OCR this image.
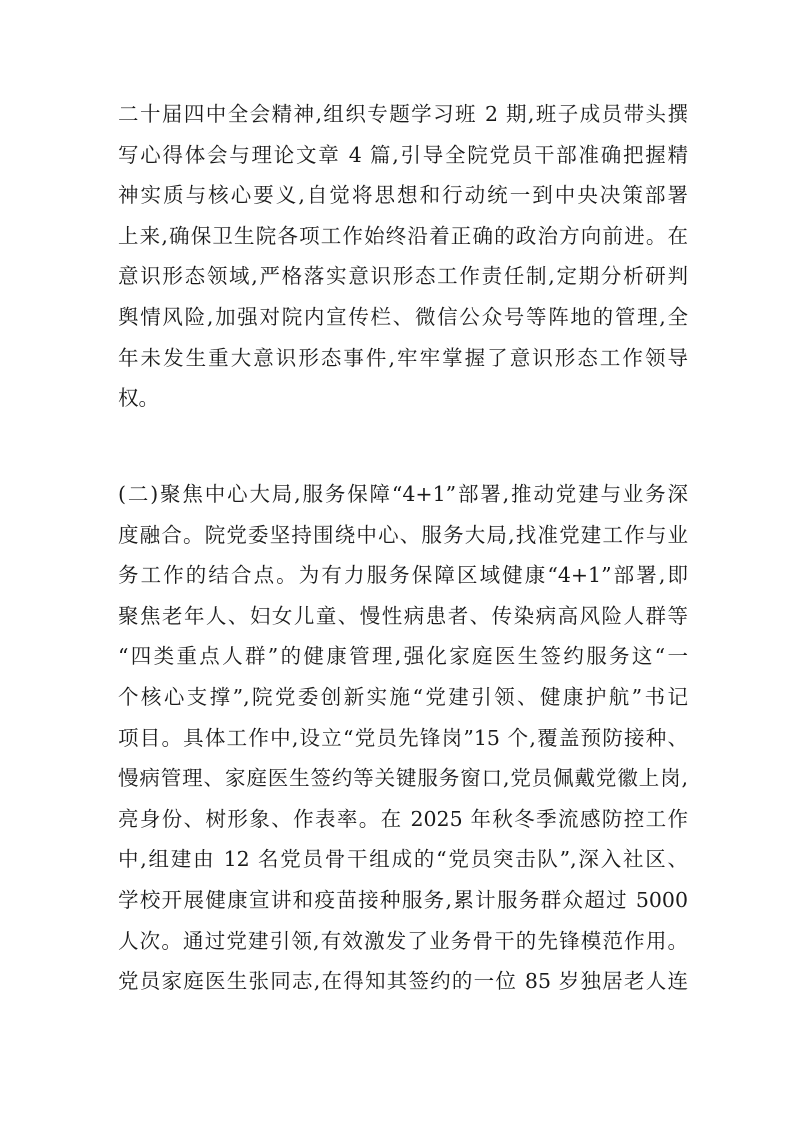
二十届四中全会精神,组织专题学习班 2 期,班子成员带头撰
写心得体会与理论文章 4 篇,引导全院党员干部准确把握精
神实质与核心要义,自觉将思想和行动统一到中央决策部署
上来,确保卫生院各项工作始终沿着正确的政治方向前进。在
意识形态领域,严格落实意识形态工作责任制,定期分析研判
舆情风险,加强对院内宣传栏、微信公众号等阵地的管理,全
年未发生重大意识形态事件,牢牢掌握了意识形态工作领导
权。
(二)聚焦中心大局,服务保障“4+1”部署,推动党建与业务深
度融合。院党委坚持围绕中心、服务大局,找准党建工作与业
务工作的结合点。为有力服务保障区域健康“4+1”部署,即
聚焦老年人、妇女儿童、慢性病患者、传染病高风险人群等
“四类重点人群”的健康管理,强化家庭医生签约服务这“一
个核心支撑”,院党委创新实施“党建引领、健康护航”书记
项目。具体工作中,设立“党员先锋岗”15 个,覆盖预防接种、
慢病管理、家庭医生签约等关键服务窗口,党员佩戴党徽上岗,
亮身份、树形象、作表率。在 2025 年秋冬季流感防控工作
中,组建由 12 名党员骨干组成的“党员突击队”,深入社区、
学校开展健康宣讲和疫苗接种服务,累计服务群众超过 5000
人次。通过党建引领,有效激发了业务骨干的先锋模范作用。
党员家庭医生张同志,在得知其签约的一位 85 岁独居老人连
